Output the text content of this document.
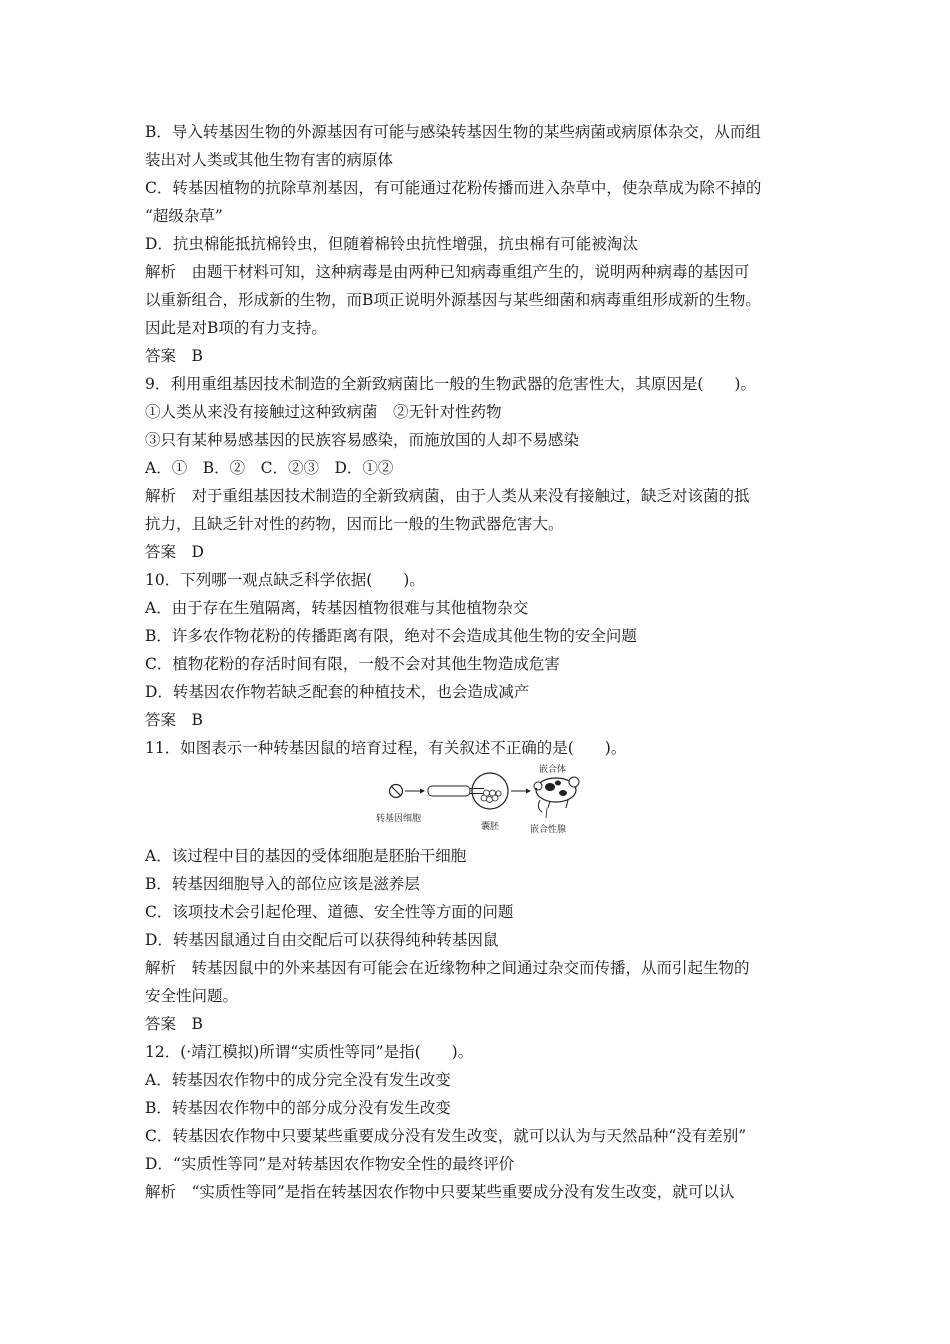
B．导入转基因生物的外源基因有可能与感染转基因生物的某些病菌或病原体杂交，从而组
装出对人类或其他生物有害的病原体
C．转基因植物的抗除草剂基因，有可能通过花粉传播而进入杂草中，使杂草成为除不掉的
“超级杂草”
D．抗虫棉能抵抗棉铃虫，但随着棉铃虫抗性增强，抗虫棉有可能被淘汰
解析　由题干材料可知，这种病毒是由两种已知病毒重组产生的，说明两种病毒的基因可
以重新组合，形成新的生物，而B项正说明外源基因与某些细菌和病毒重组形成新的生物。
因此是对B项的有力支持。
答案　B
9．利用重组基因技术制造的全新致病菌比一般的生物武器的危害性大，其原因是(　　)。
①人类从来没有接触过这种致病菌　②无针对性药物
③只有某种易感基因的民族容易感染，而施放国的人却不易感染
A．①　B．②　C．②③　D．①②
解析　对于重组基因技术制造的全新致病菌，由于人类从来没有接触过，缺乏对该菌的抵
抗力，且缺乏针对性的药物，因而比一般的生物武器危害大。
答案　D
10．下列哪一观点缺乏科学依据(　　)。
A．由于存在生殖隔离，转基因植物很难与其他植物杂交
B．许多农作物花粉的传播距离有限，绝对不会造成其他生物的安全问题
C．植物花粉的存活时间有限，一般不会对其他生物造成危害
D．转基因农作物若缺乏配套的种植技术，也会造成减产
答案　B
11．如图表示一种转基因鼠的培育过程，有关叙述不正确的是(　　)。
转基因细胞
囊胚
嵌合体
嵌合性腺
A．该过程中目的基因的受体细胞是胚胎干细胞
B．转基因细胞导入的部位应该是滋养层
C．该项技术会引起伦理、道德、安全性等方面的问题
D．转基因鼠通过自由交配后可以获得纯种转基因鼠
解析　转基因鼠中的外来基因有可能会在近缘物种之间通过杂交而传播，从而引起生物的
安全性问题。
答案　B
12．(·靖江模拟)所谓“实质性等同”是指(　　)。
A．转基因农作物中的成分完全没有发生改变
B．转基因农作物中的部分成分没有发生改变
C．转基因农作物中只要某些重要成分没有发生改变，就可以认为与天然品种“没有差别”
D．“实质性等同”是对转基因农作物安全性的最终评价
解析　“实质性等同”是指在转基因农作物中只要某些重要成分没有发生改变，就可以认
